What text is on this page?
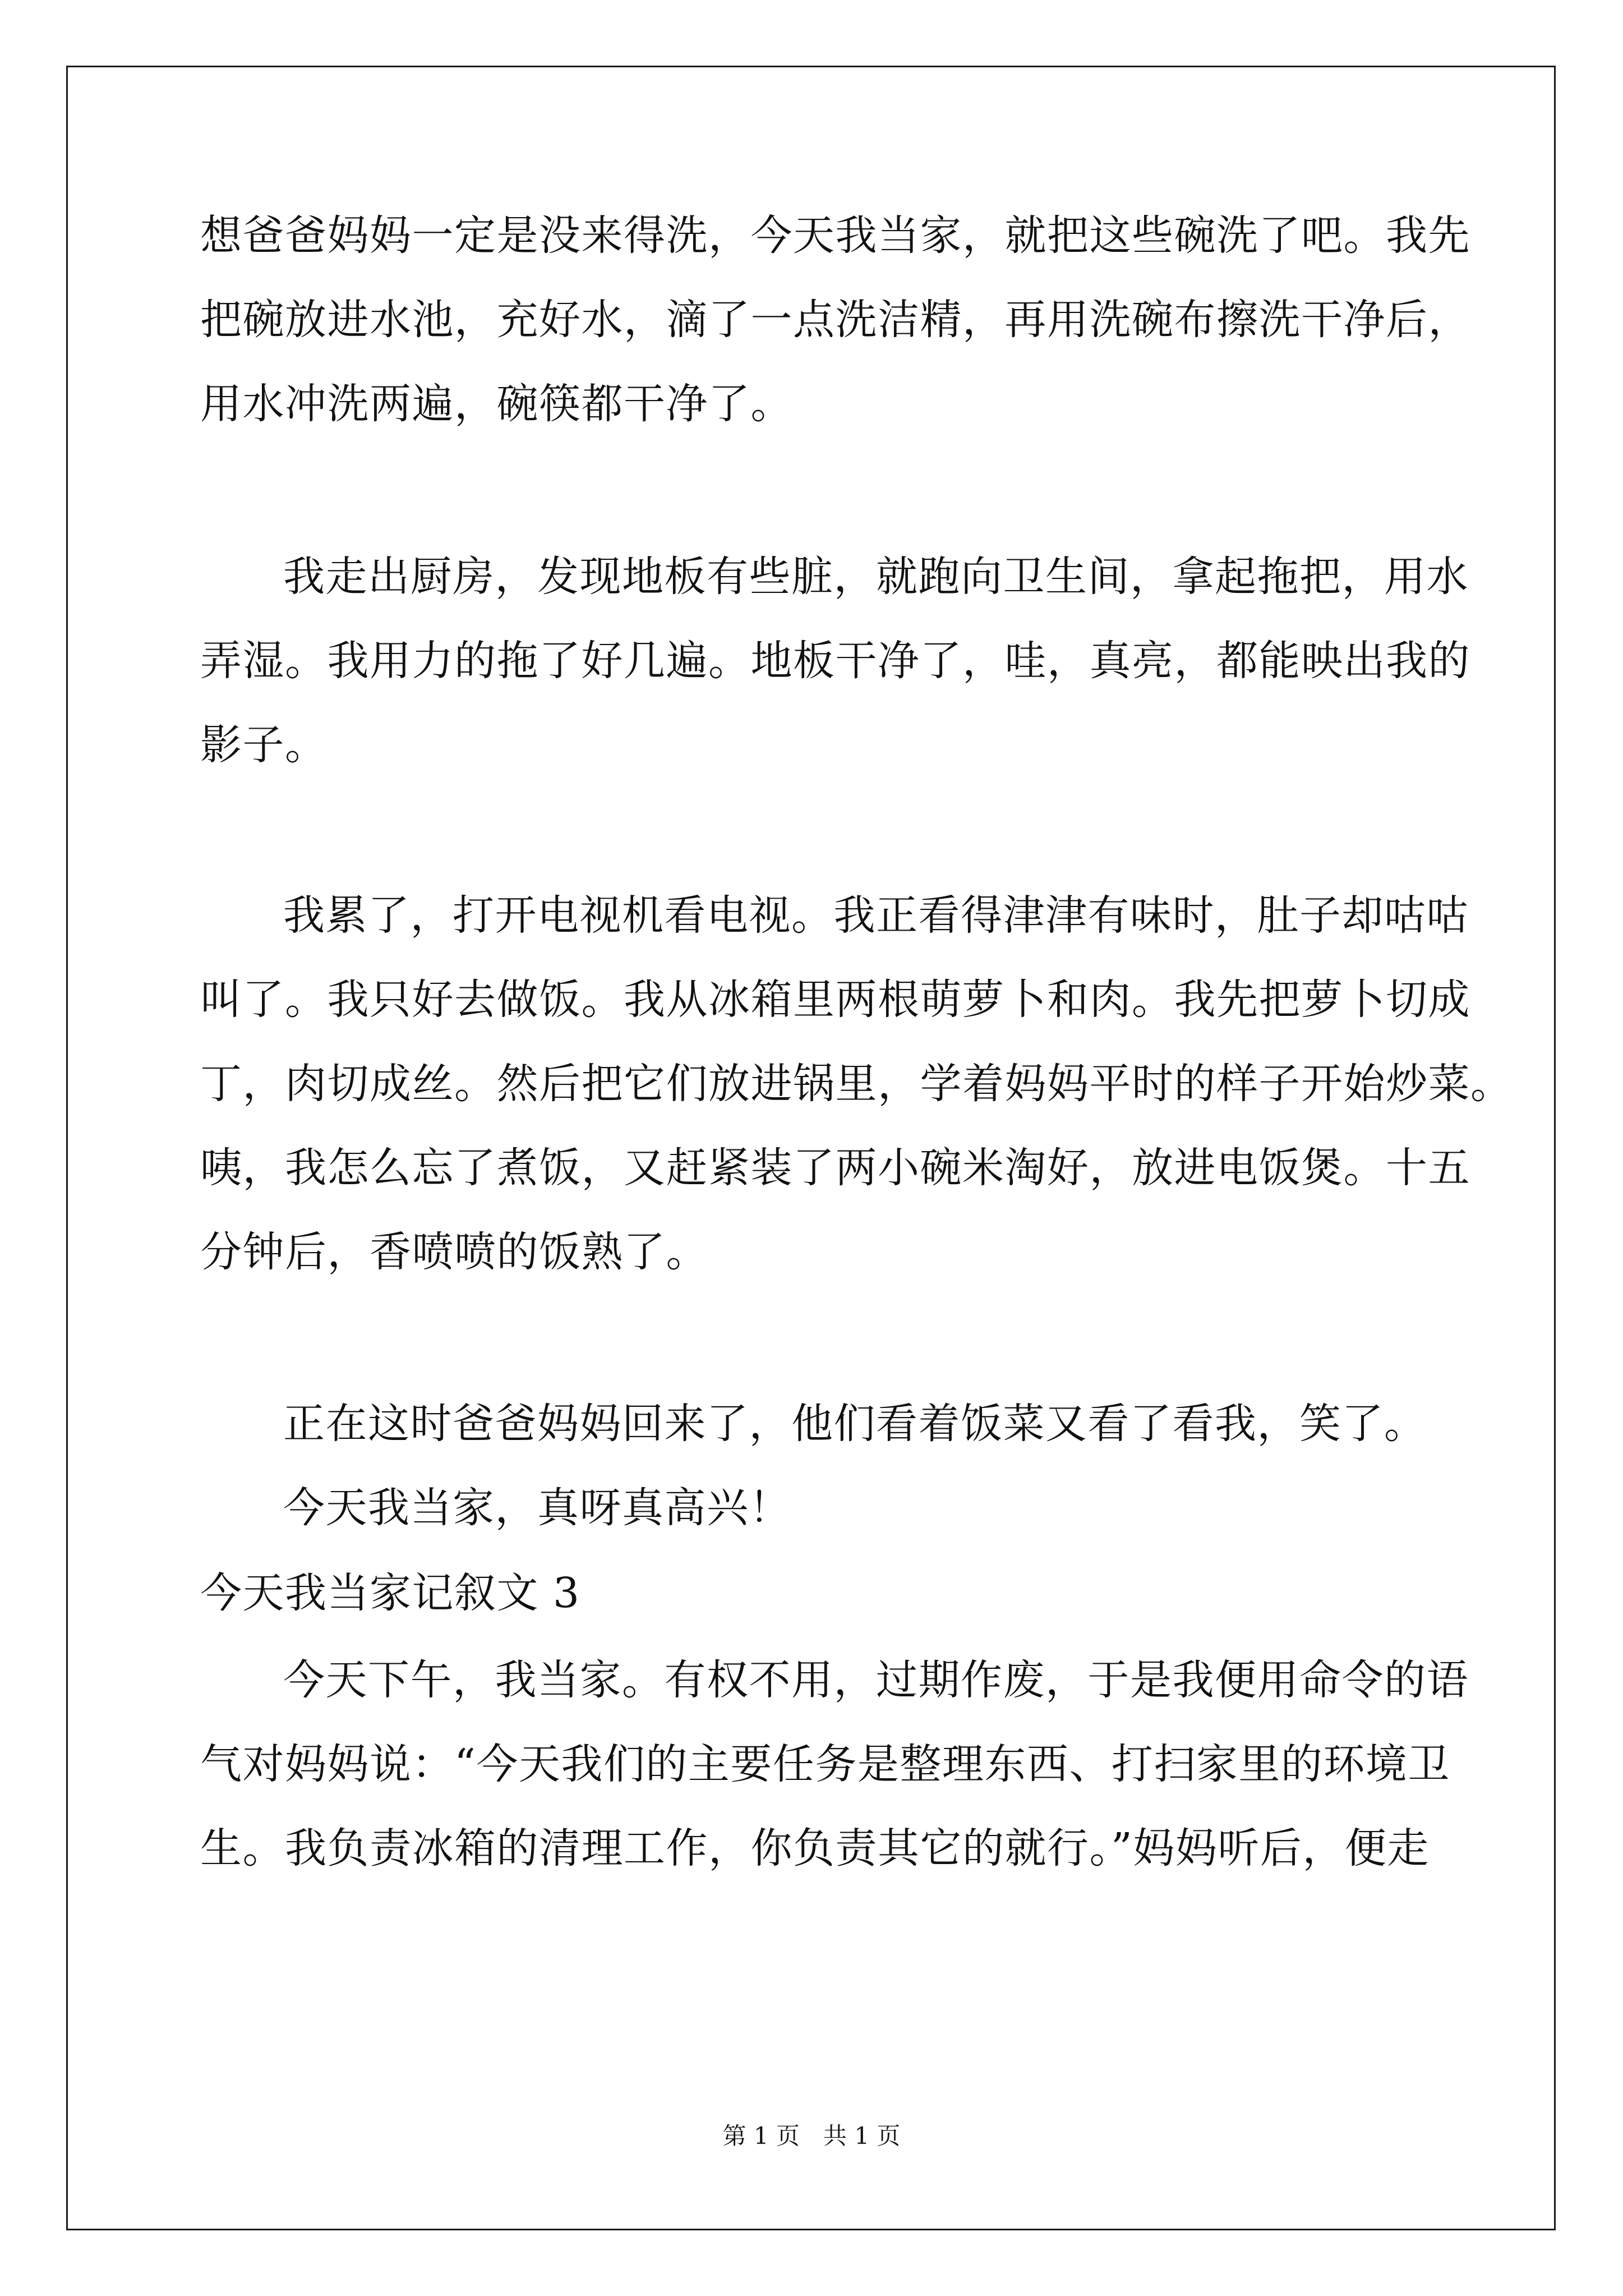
想爸爸妈妈一定是没来得洗，今天我当家，就把这些碗洗了吧。我先
把碗放进水池，充好水，滴了一点洗洁精，再用洗碗布擦洗干净后，
用水冲洗两遍，碗筷都干净了。
我走出厨房，发现地板有些脏，就跑向卫生间，拿起拖把，用水
弄湿。我用力的拖了好几遍。地板干净了，哇，真亮，都能映出我的
影子。
我累了，打开电视机看电视。我正看得津津有味时，肚子却咕咕
叫了。我只好去做饭。我从冰箱里两根萌萝卜和肉。我先把萝卜切成
丁，肉切成丝。然后把它们放进锅里，学着妈妈平时的样子开始炒菜。
咦，我怎么忘了煮饭，又赶紧装了两小碗米淘好，放进电饭煲。十五
分钟后，香喷喷的饭熟了。
正在这时爸爸妈妈回来了，他们看着饭菜又看了看我，笑了。
今天我当家，真呀真高兴！
今天我当家记叙文 3
今天下午，我当家。有权不用，过期作废，于是我便用命令的语
气对妈妈说：“今天我们的主要任务是整理东西、打扫家里的环境卫
生。我负责冰箱的清理工作，你负责其它的就行。”妈妈听后，便走
第 1 页　共 1 页
